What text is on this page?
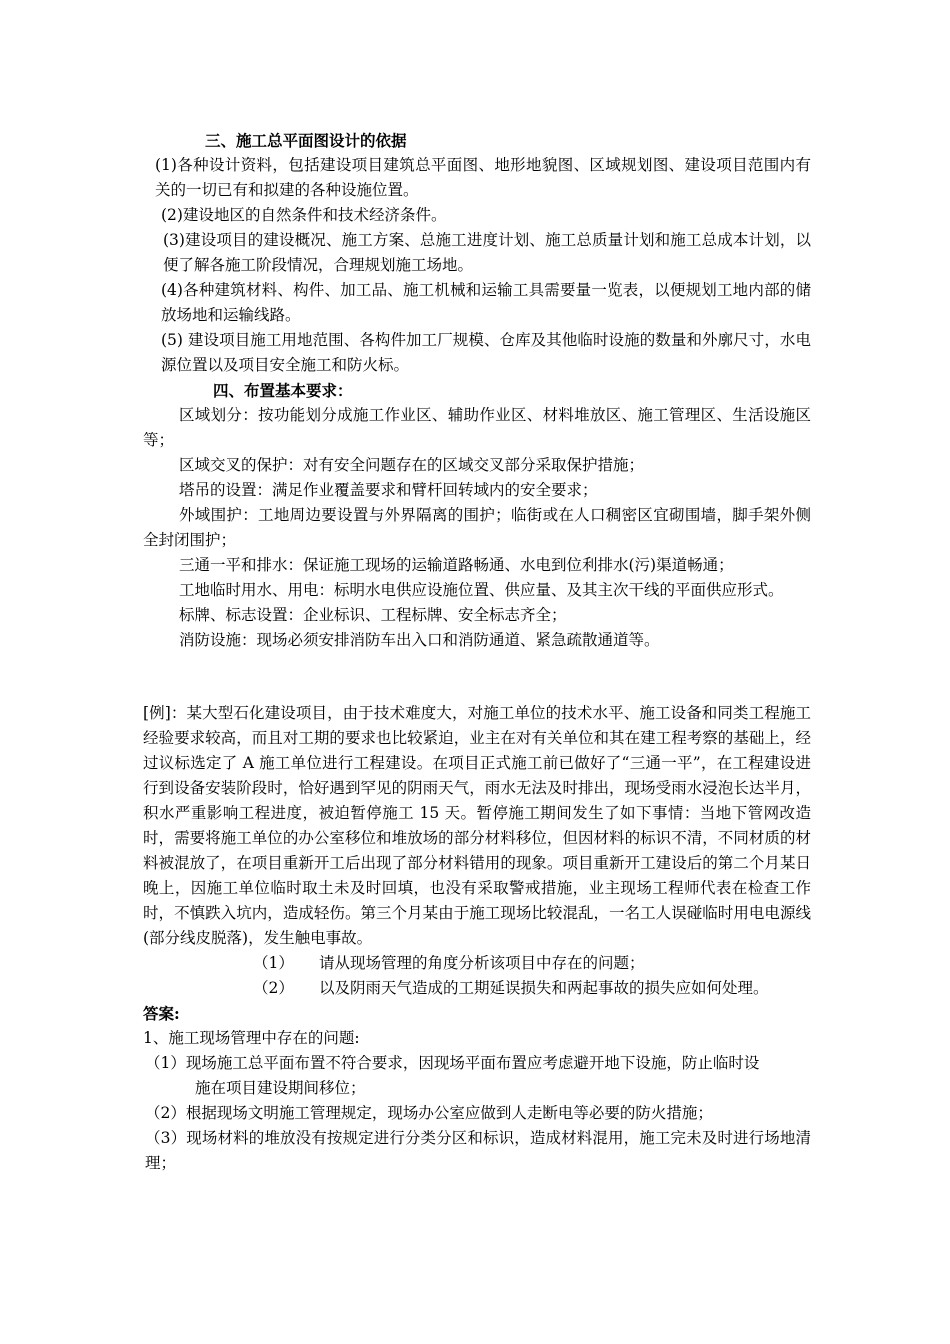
三、施工总平面图设计的依据

(1)各种设计资料，包括建设项目建筑总平面图、地形地貌图、区域规划图、建设项目范围内有关的一切已有和拟建的各种设施位置。

(2)建设地区的自然条件和技术经济条件。

(3)建设项目的建设概况、施工方案、总施工进度计划、施工总质量计划和施工总成本计划，以便了解各施工阶段情况，合理规划施工场地。

(4)各种建筑材料、构件、加工品、施工机械和运输工具需要量一览表，以便规划工地内部的储放场地和运输线路。

(5) 建设项目施工用地范围、各构件加工厂规模、仓库及其他临时设施的数量和外廓尺寸，水电源位置以及项目安全施工和防火标。

四、布置基本要求：

区域划分：按功能划分成施工作业区、辅助作业区、材料堆放区、施工管理区、生活设施区等；

区域交叉的保护：对有安全问题存在的区域交叉部分采取保护措施；

塔吊的设置：满足作业覆盖要求和臂杆回转域内的安全要求；

外域围护：工地周边要设置与外界隔离的围护；临街或在人口稠密区宜砌围墙，脚手架外侧全封闭围护；

三通一平和排水：保证施工现场的运输道路畅通、水电到位利排水(污)渠道畅通；

工地临时用水、用电：标明水电供应设施位置、供应量、及其主次干线的平面供应形式。

标牌、标志设置：企业标识、工程标牌、安全标志齐全；

消防设施：现场必须安排消防车出入口和消防通道、紧急疏散通道等。

[例]：某大型石化建设项目，由于技术难度大，对施工单位的技术水平、施工设备和同类工程施工经验要求较高，而且对工期的要求也比较紧迫，业主在对有关单位和其在建工程考察的基础上，经过议标选定了 A 施工单位进行工程建设。在项目正式施工前已做好了“三通一平”，在工程建设进行到设备安装阶段时，恰好遇到罕见的阴雨天气，雨水无法及时排出，现场受雨水浸泡长达半月，积水严重影响工程进度，被迫暂停施工 15 天。暂停施工期间发生了如下事情：当地下管网改造时，需要将施工单位的办公室移位和堆放场的部分材料移位，但因材料的标识不清，不同材质的材料被混放了，在项目重新开工后出现了部分材料错用的现象。项目重新开工建设后的第二个月某日晚上，因施工单位临时取土未及时回填，也没有采取警戒措施，业主现场工程师代表在检查工作时，不慎跌入坑内，造成轻伤。第三个月某由于施工现场比较混乱，一名工人误碰临时用电电源线(部分线皮脱落)，发生触电事故。

（1） 请从现场管理的角度分析该项目中存在的问题；

（2） 以及阴雨天气造成的工期延误损失和两起事故的损失应如何处理。

答案:

1、施工现场管理中存在的问题:

（1）现场施工总平面布置不符合要求，因现场平面布置应考虑避开地下设施，防止临时设

施在项目建设期间移位；

（2）根据现场文明施工管理规定，现场办公室应做到人走断电等必要的防火措施；

（3）现场材料的堆放没有按规定进行分类分区和标识，造成材料混用，施工完未及时进行场地清理；
